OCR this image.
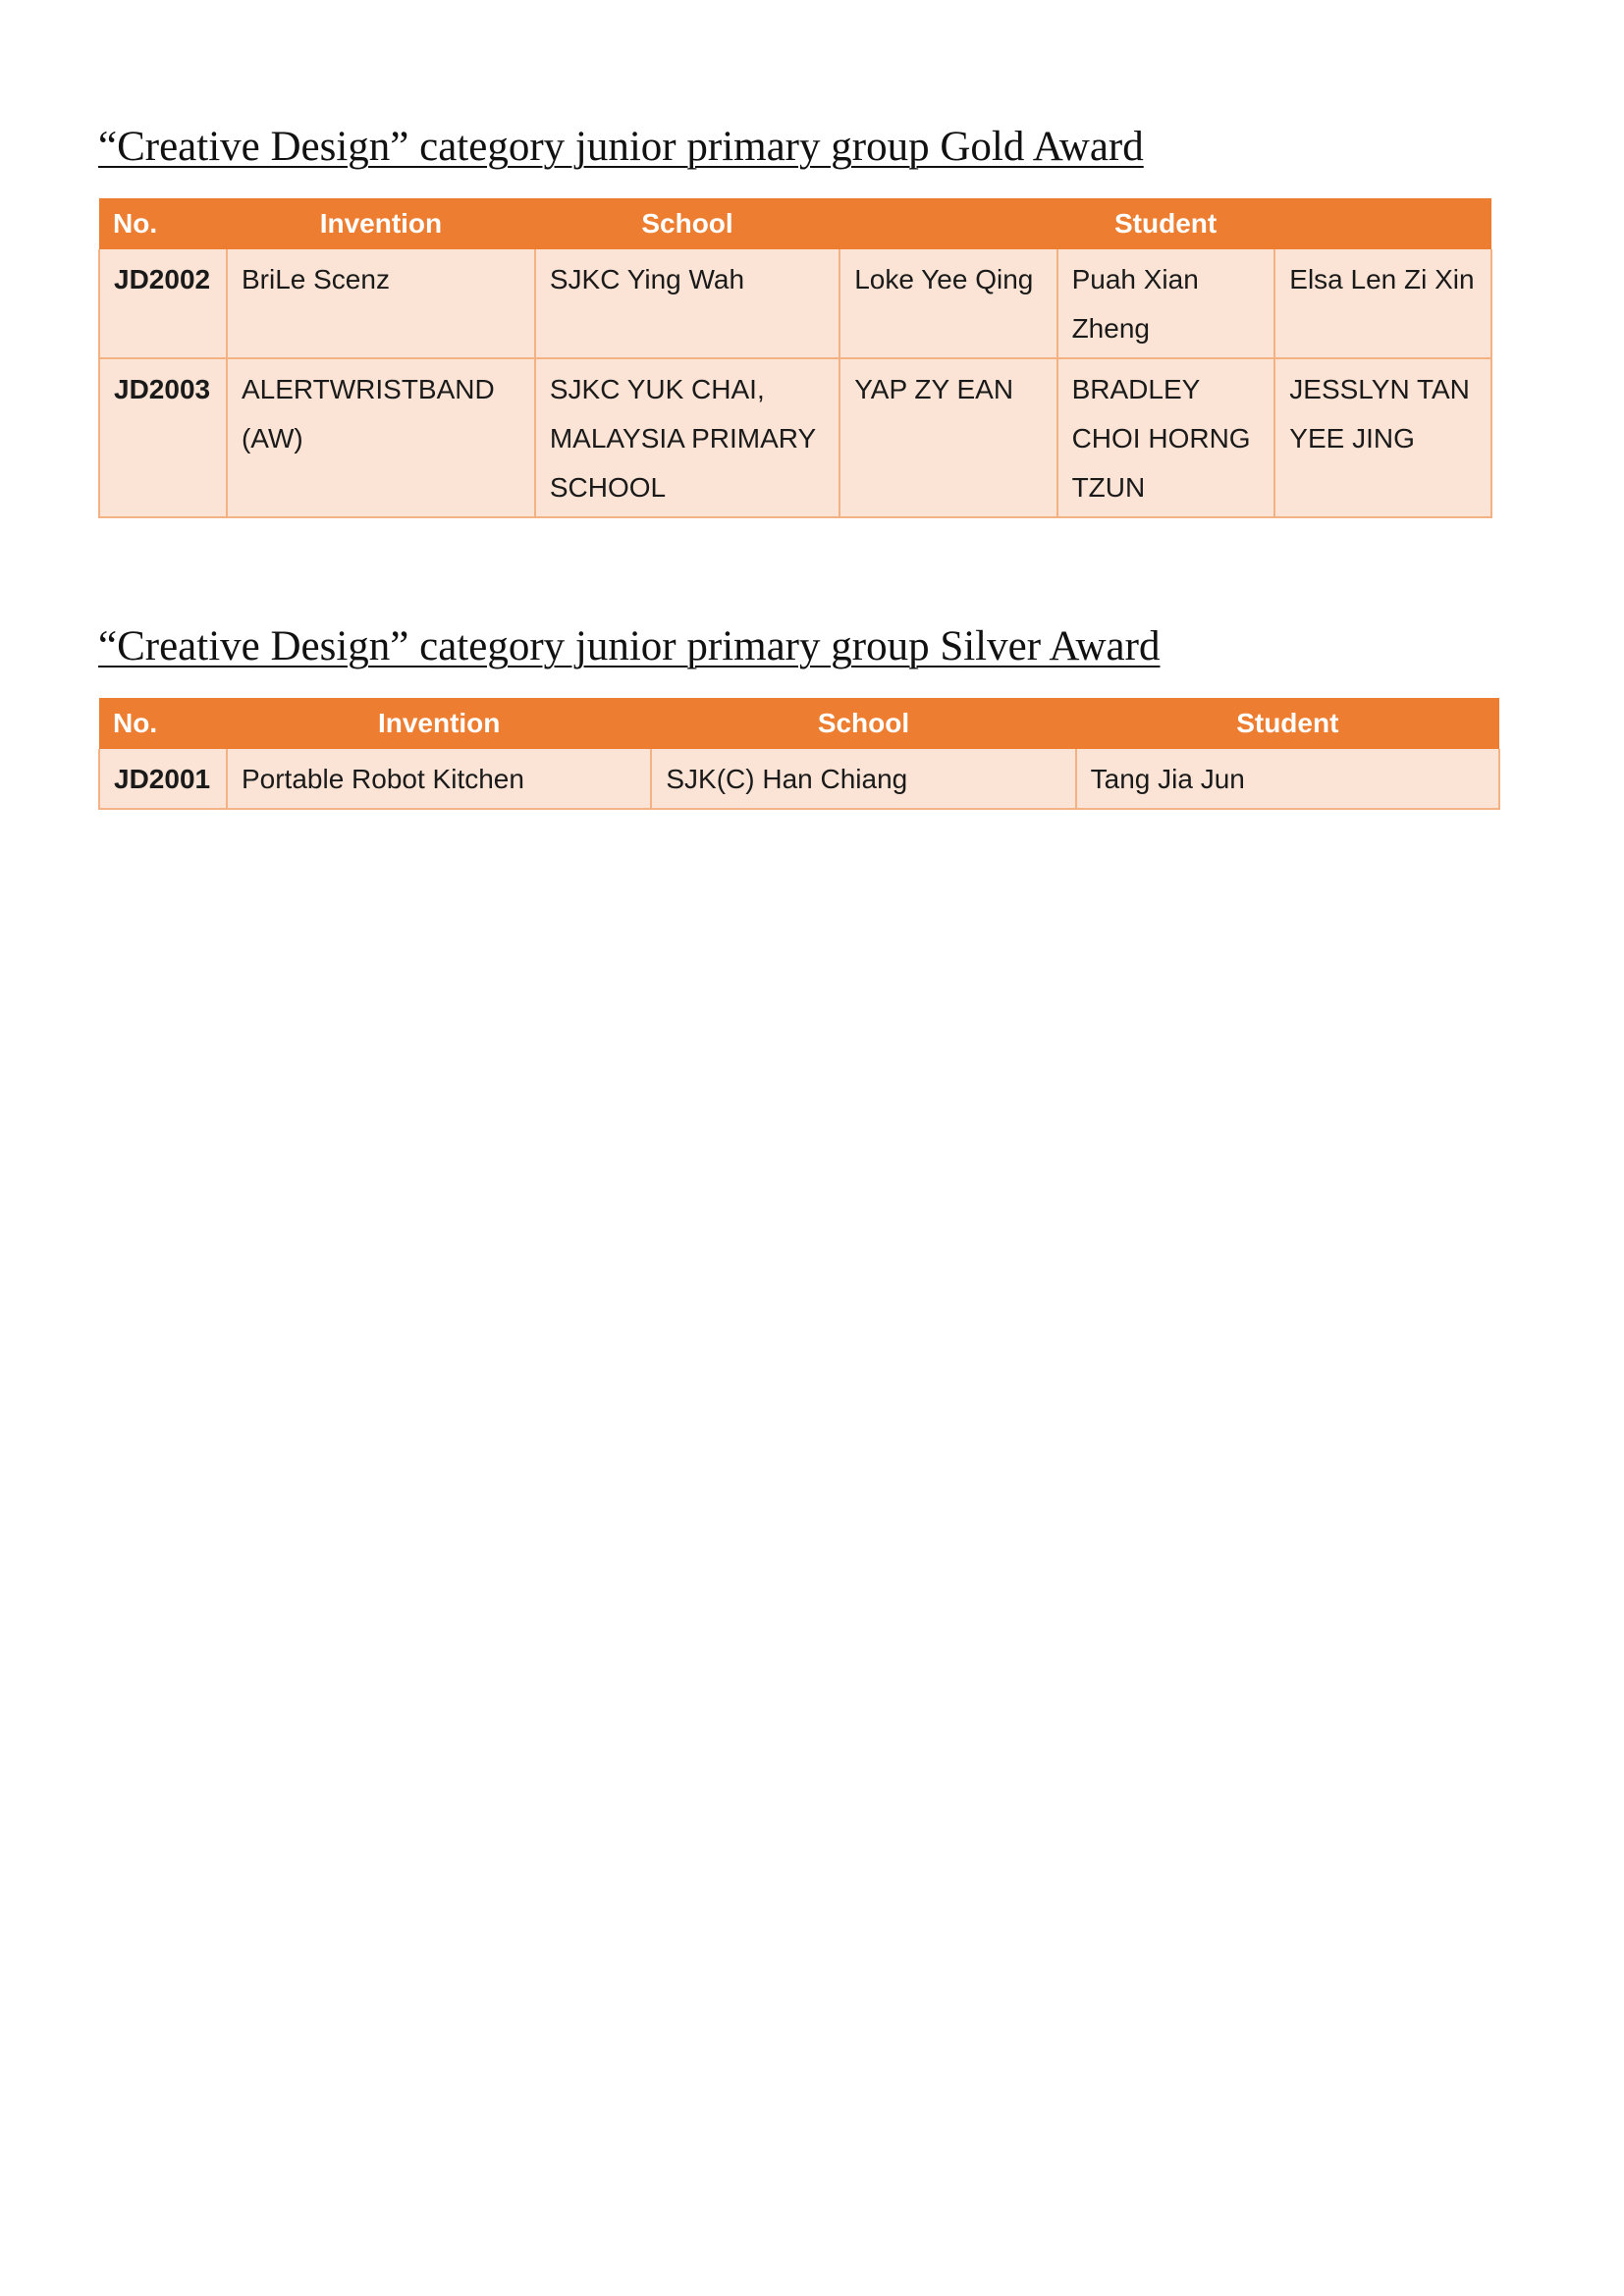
“Creative Design” category junior primary group Gold Award
No.	Invention	School	Student		
JD2002	BriLe Scenz	SJKC Ying Wah	Loke Yee Qing	Puah Xian Zheng	Elsa Len Zi Xin
JD2003	ALERTWRISTBAND (AW)	SJKC YUK CHAI, MALAYSIA PRIMARY SCHOOL	YAP ZY EAN	BRADLEY CHOI HORNG TZUN	JESSLYN TAN YEE JING
“Creative Design” category junior primary group Silver Award
No.	Invention	School	Student
JD2001	Portable Robot Kitchen	SJK(C) Han Chiang	Tang Jia Jun
